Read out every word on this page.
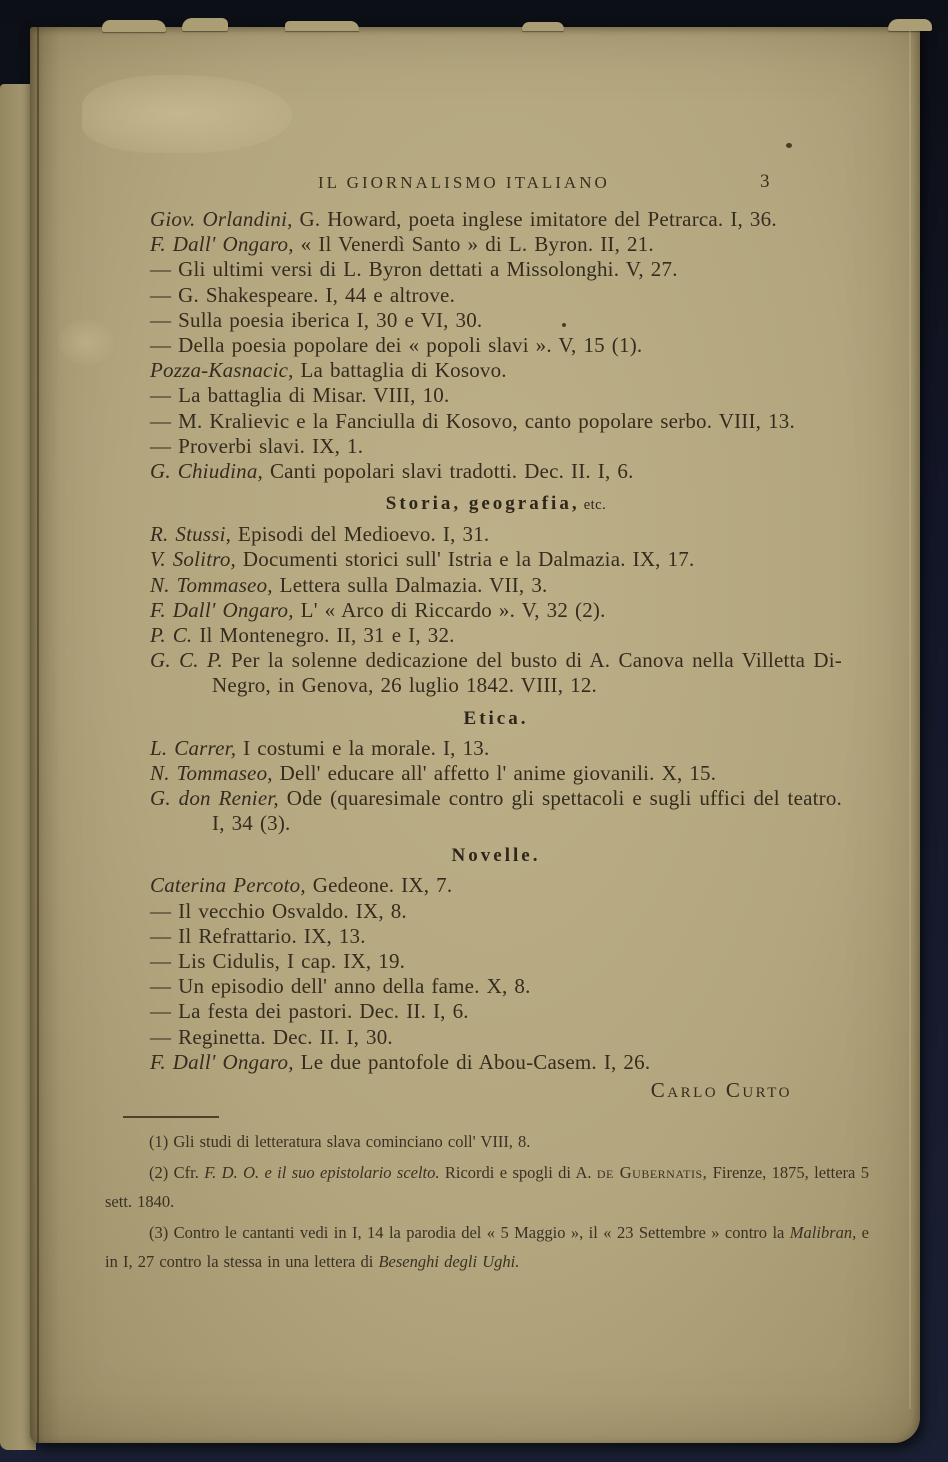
IL GIORNALISMO ITALIANO	3

Giov. Orlandini, G. Howard, poeta inglese imitatore del Petrarca. I, 36.

F. Dall' Ongaro, « Il Venerdì Santo » di L. Byron. II, 21.

— Gli ultimi versi di L. Byron dettati a Missolonghi. V, 27.

— G. Shakespeare. I, 44 e altrove.

— Sulla poesia iberica I, 30 e VI, 30.

— Della poesia popolare dei « popoli slavi ». V, 15 (1).

Pozza-Kasnacic, La battaglia di Kosovo.

— La battaglia di Misar. VIII, 10.

— M. Kralievic e la Fanciulla di Kosovo, canto popolare serbo. VIII, 13.

— Proverbi slavi. IX, 1.

G. Chiudina, Canti popolari slavi tradotti. Dec. II. I, 6.

Storia, geografia, etc.

R. Stussi, Episodi del Medioevo. I, 31.

V. Solitro, Documenti storici sull' Istria e la Dalmazia. IX, 17.

N. Tommaseo, Lettera sulla Dalmazia. VII, 3.

F. Dall' Ongaro, L' « Arco di Riccardo ». V, 32 (2).

P. C. Il Montenegro. II, 31 e I, 32.

G. C. P. Per la solenne dedicazione del busto di A. Canova nella Villetta Di-Negro, in Genova, 26 luglio 1842. VIII, 12.

Etica.

L. Carrer, I costumi e la morale. I, 13.

N. Tommaseo, Dell' educare all' affetto l' anime giovanili. X, 15.

G. don Renier, Ode (quaresimale contro gli spettacoli e sugli uffici del teatro. I, 34 (3).

Novelle.

Caterina Percoto, Gedeone. IX, 7.

— Il vecchio Osvaldo. IX, 8.

— Il Refrattario. IX, 13.

— Lis Cidulis, I cap. IX, 19.

— Un episodio dell' anno della fame. X, 8.

— La festa dei pastori. Dec. II. I, 6.

— Reginetta. Dec. II. I, 30.

F. Dall' Ongaro, Le due pantofole di Abou-Casem. I, 26.

Carlo Curto

(1) Gli studi di letteratura slava cominciano coll' VIII, 8.

(2) Cfr. F. D. O. e il suo epistolario scelto. Ricordi e spogli di A. de Gubernatis, Firenze, 1875, lettera 5 sett. 1840.

(3) Contro le cantanti vedi in I, 14 la parodia del « 5 Maggio », il « 23 Settembre » contro la Malibran, e in I, 27 contro la stessa in una lettera di Besenghi degli Ughi.
